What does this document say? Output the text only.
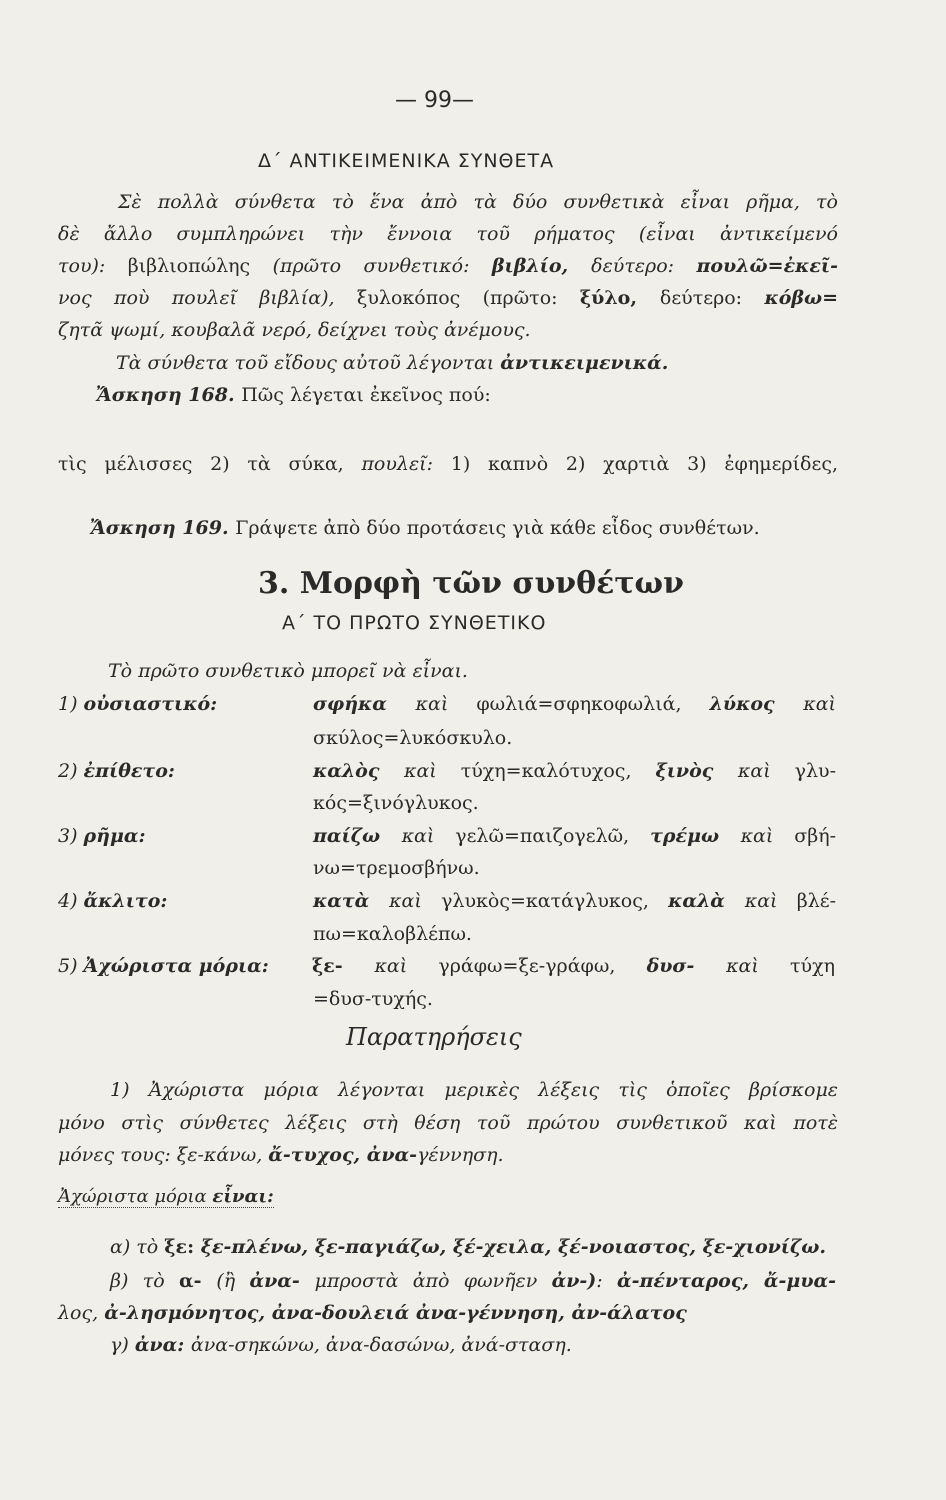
— 99—
Δ΄ ΑΝΤΙΚΕΙΜΕΝΙΚΑ ΣΥΝΘΕΤΑ
Σὲ πολλὰ σύνθετα τὸ ἕνα ἀπὸ τὰ δύο συνθετικὰ εἶναι ρῆμα, τὸ
δὲ ἄλλο συμπληρώνει τὴν ἔννοια τοῦ ρήματος (εἶναι ἀντικείμενό
του): βιβλιοπώλης (πρῶτο συνθετικό: βιβλίο, δεύτερο: πουλῶ=ἐκεῖ-
νος ποὺ πουλεῖ βιβλία), ξυλοκόπος (πρῶτο: ξύλο, δεύτερο: κόβω=
ζητᾶ ψωμί, κουβαλᾶ νερό, δείχνει τοὺς ἀνέμους.
Τὰ σύνθετα τοῦ εἴδους αὐτοῦ λέγονται ἀντικειμενικά.
Ἄσκηση 168. Πῶς λέγεται ἐκεῖνος πού:
τὶς μέλισσες 2) τὰ σύκα, πουλεῖ: 1) καπνὸ 2) χαρτιὰ 3) ἐφημερίδες,
Ἄσκηση 169. Γράψετε ἀπὸ δύο προτάσεις γιὰ κάθε εἶδος συνθέτων.
3. Μορφὴ τῶν συνθέτων
Α΄ ΤΟ ΠΡΩΤΟ ΣΥΝΘΕΤΙΚΟ
Τὸ πρῶτο συνθετικὸ μπορεῖ νὰ εἶναι.
1) οὐσιαστικό:	σφήκα καὶ φωλιά=σφηκοφωλιά, λύκος καὶ
σκύλος=λυκόσκυλο.
2) ἐπίθετο:	καλὸς καὶ τύχη=καλότυχος, ξινὸς καὶ γλυ-
κός=ξινόγλυκος.
3) ρῆμα:	παίζω καὶ γελῶ=παιζογελῶ, τρέμω καὶ σβή-
νω=τρεμοσβήνω.
4) ἄκλιτο:	κατὰ καὶ γλυκὸς=κατάγλυκος, καλὰ καὶ βλέ-
πω=καλοβλέπω.
5) Ἀχώριστα μόρια: ξε- καὶ γράφω=ξε-γράφω, δυσ- καὶ τύχη
=δυσ-τυχής.
Παρατηρήσεις
1) Ἀχώριστα μόρια λέγονται μερικὲς λέξεις τὶς ὁποῖες βρίσκομε
μόνο στὶς σύνθετες λέξεις στὴ θέση τοῦ πρώτου συνθετικοῦ καὶ ποτὲ
μόνες τους: ξε-κάνω, ἄ-τυχος, ἀνα-γέννηση.
Ἀχώριστα μόρια εἶναι:
α) τὸ ξε: ξε-πλένω, ξε-παγιάζω, ξέ-χειλα, ξέ-νοιαστος, ξε-χιονίζω.
β) τὸ α- (ἢ ἀνα- μπροστὰ ἀπὸ φωνῆεν ἀν-): ἀ-πένταρος, ἄ-μυα-
λος, ἀ-λησμόνητος, ἀνα-δουλειά ἀνα-γέννηση, ἀν-άλατος
γ) ἀνα: ἀνα-σηκώνω, ἀνα-δασώνω, ἀνά-σταση.
